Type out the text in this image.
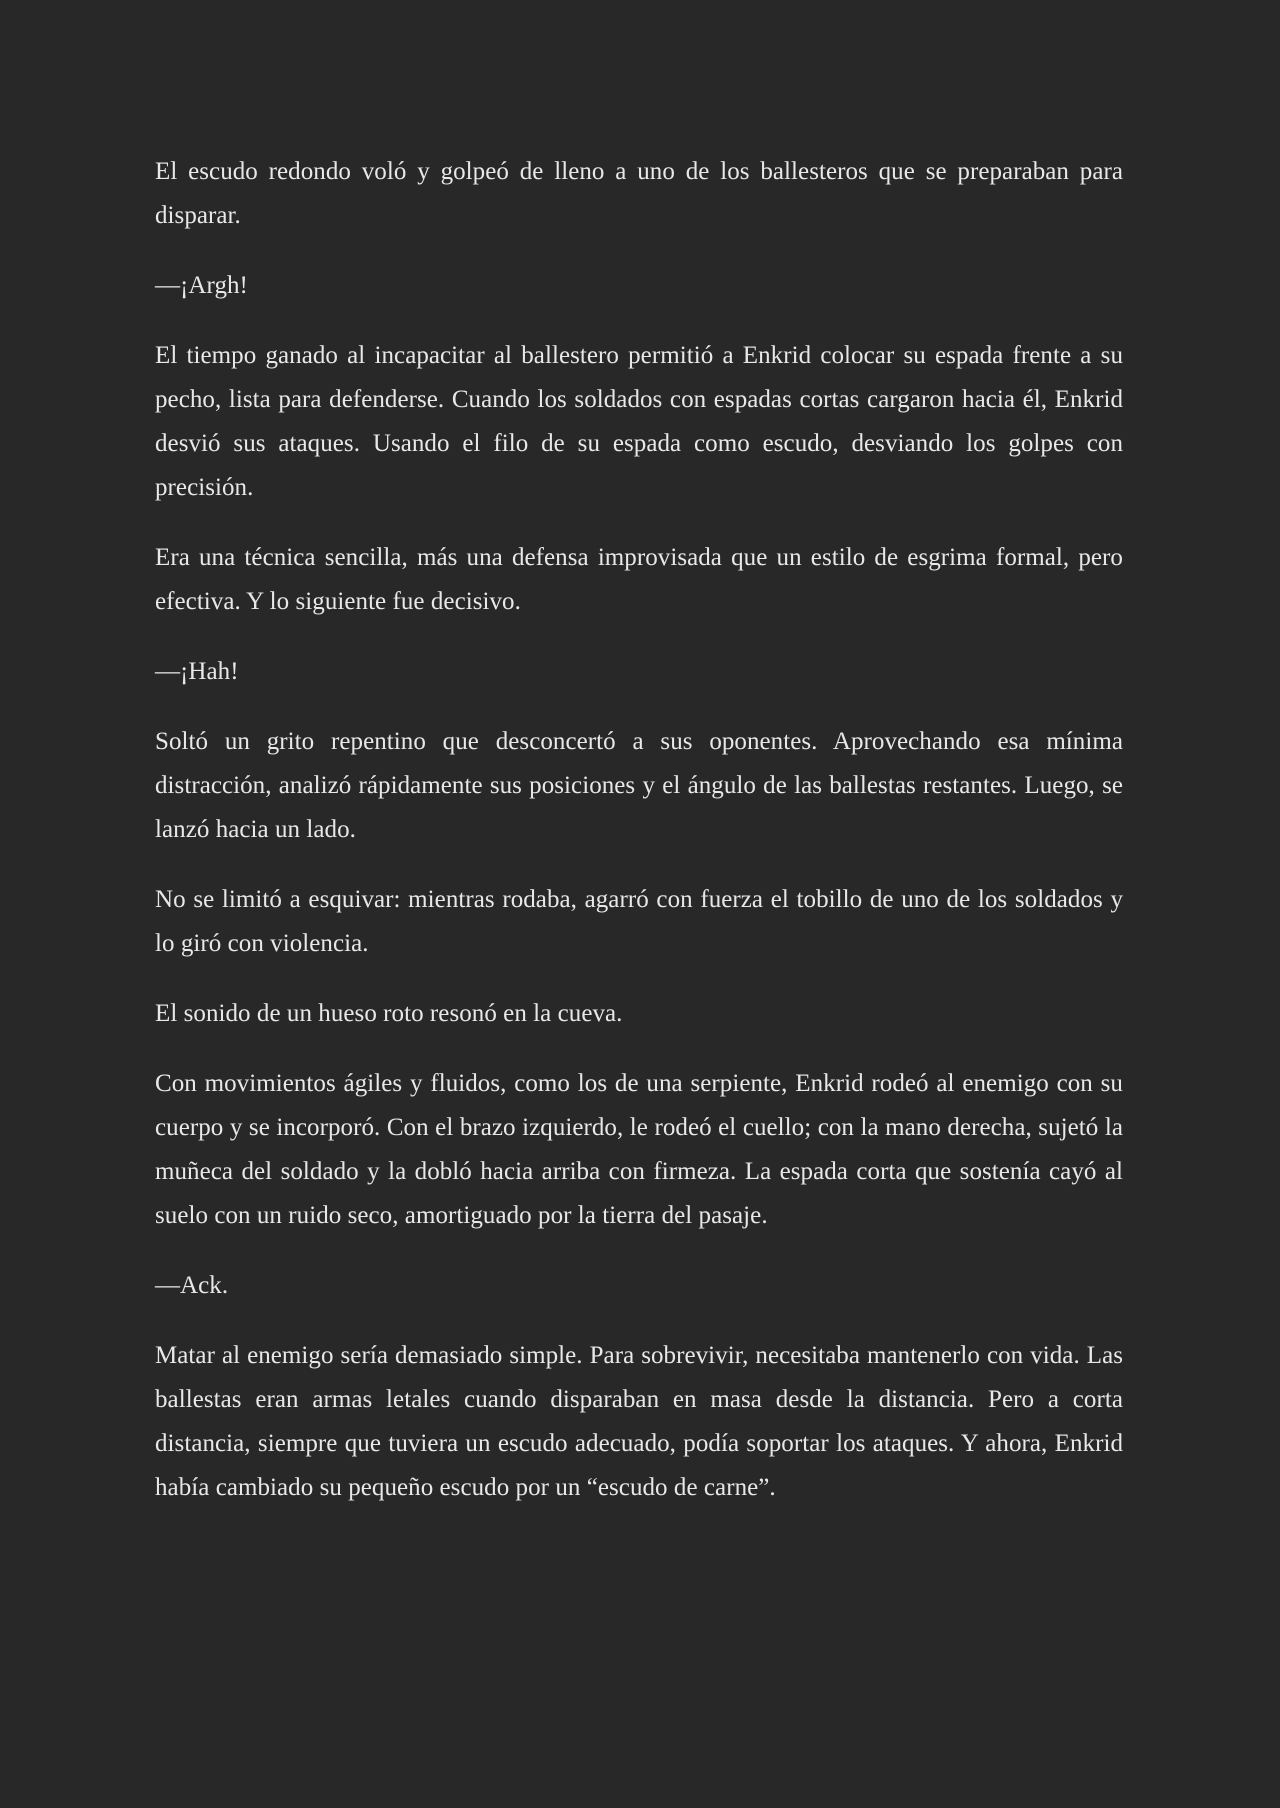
El escudo redondo voló y golpeó de lleno a uno de los ballesteros que se preparaban para disparar.

—¡Argh!

El tiempo ganado al incapacitar al ballestero permitió a Enkrid colocar su espada frente a su pecho, lista para defenderse. Cuando los soldados con espadas cortas cargaron hacia él, Enkrid desvió sus ataques. Usando el filo de su espada como escudo, desviando los golpes con precisión.

Era una técnica sencilla, más una defensa improvisada que un estilo de esgrima formal, pero efectiva. Y lo siguiente fue decisivo.

—¡Hah!

Soltó un grito repentino que desconcertó a sus oponentes. Aprovechando esa mínima distracción, analizó rápidamente sus posiciones y el ángulo de las ballestas restantes. Luego, se lanzó hacia un lado.

No se limitó a esquivar: mientras rodaba, agarró con fuerza el tobillo de uno de los soldados y lo giró con violencia.

El sonido de un hueso roto resonó en la cueva.

Con movimientos ágiles y fluidos, como los de una serpiente, Enkrid rodeó al enemigo con su cuerpo y se incorporó. Con el brazo izquierdo, le rodeó el cuello; con la mano derecha, sujetó la muñeca del soldado y la dobló hacia arriba con firmeza. La espada corta que sostenía cayó al suelo con un ruido seco, amortiguado por la tierra del pasaje.

—Ack.

Matar al enemigo sería demasiado simple. Para sobrevivir, necesitaba mantenerlo con vida. Las ballestas eran armas letales cuando disparaban en masa desde la distancia. Pero a corta distancia, siempre que tuviera un escudo adecuado, podía soportar los ataques. Y ahora, Enkrid había cambiado su pequeño escudo por un “escudo de carne”.
